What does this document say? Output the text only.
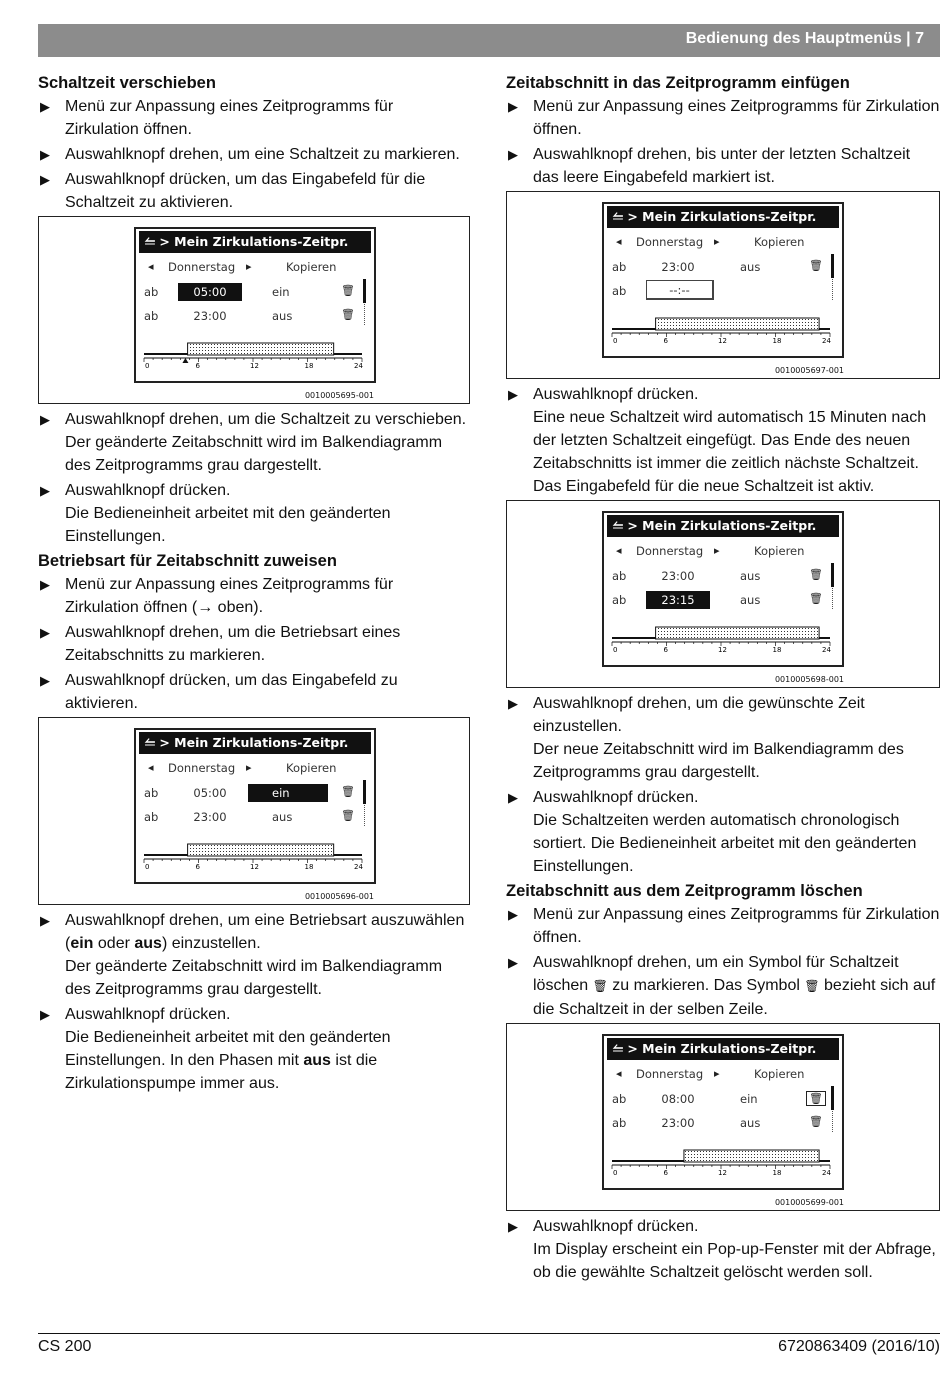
Bedienung des Hauptmenüs | 7
Schaltzeit verschieben
▶ Menü zur Anpassung eines Zeitprogramms für Zirkulation öffnen.

▶ Auswahlknopf drehen, um eine Schaltzeit zu markieren.

▶ Auswahlknopf drücken, um das Eingabefeld für die Schaltzeit zu aktivieren.

⥪ > Mein Zirkulations-Zeitpr.
◂ Donnerstag ▸	Kopieren
ab	05:00	ein	🗑
ab	23:00	aus	🗑
0	6	12	18	24
0010005695-001
▶ Auswahlknopf drehen, um die Schaltzeit zu verschieben.

Der geänderte Zeitabschnitt wird im Balkendiagramm des Zeitprogramms grau dargestellt.

▶ Auswahlknopf drücken.

Die Bedieneinheit arbeitet mit den geänderten Einstellungen.

Betriebsart für Zeitabschnitt zuweisen
▶ Menü zur Anpassung eines Zeitprogramms für Zirkulation öffnen (→ oben).

▶ Auswahlknopf drehen, um die Betriebsart eines Zeitabschnitts zu markieren.

▶ Auswahlknopf drücken, um das Eingabefeld zu aktivieren.

⥪ > Mein Zirkulations-Zeitpr.
◂ Donnerstag ▸	Kopieren
ab	05:00	ein	🗑
ab	23:00	aus	🗑
0	6	12	18	24
0010005696-001
▶ Auswahlknopf drehen, um eine Betriebsart auszuwählen (ein oder aus) einzustellen.

Der geänderte Zeitabschnitt wird im Balkendiagramm des Zeitprogramms grau dargestellt.

▶ Auswahlknopf drücken.

Die Bedieneinheit arbeitet mit den geänderten Einstellungen. In den Phasen mit aus ist die Zirkulationspumpe immer aus.

Zeitabschnitt in das Zeitprogramm einfügen
▶ Menü zur Anpassung eines Zeitprogramms für Zirkulation öffnen.

▶ Auswahlknopf drehen, bis unter der letzten Schaltzeit das leere Eingabefeld markiert ist.

⥪ > Mein Zirkulations-Zeitpr.
◂ Donnerstag ▸	Kopieren
ab	23:00	aus	🗑
ab	--:--
0	6	12	18	24
0010005697-001
▶ Auswahlknopf drücken.

Eine neue Schaltzeit wird automatisch 15 Minuten nach der letzten Schaltzeit eingefügt. Das Ende des neuen Zeitabschnitts ist immer die zeitlich nächste Schaltzeit. Das Eingabefeld für die neue Schaltzeit ist aktiv.

⥪ > Mein Zirkulations-Zeitpr.
◂ Donnerstag ▸	Kopieren
ab	23:00	aus	🗑
ab	23:15	aus	🗑
0	6	12	18	24
0010005698-001
▶ Auswahlknopf drehen, um die gewünschte Zeit einzustellen.

Der neue Zeitabschnitt wird im Balkendiagramm des Zeitprogramms grau dargestellt.

▶ Auswahlknopf drücken.

Die Schaltzeiten werden automatisch chronologisch sortiert. Die Bedieneinheit arbeitet mit den geänderten Einstellungen.

Zeitabschnitt aus dem Zeitprogramm löschen
▶ Menü zur Anpassung eines Zeitprogramms für Zirkulation öffnen.

▶ Auswahlknopf drehen, um ein Symbol für Schaltzeit löschen 🗑 zu markieren. Das Symbol 🗑 bezieht sich auf die Schaltzeit in der selben Zeile.

⥪ > Mein Zirkulations-Zeitpr.
◂ Donnerstag ▸	Kopieren
ab	08:00	ein	🗑
ab	23:00	aus	🗑
0	6	12	18	24
0010005699-001
▶ Auswahlknopf drücken.

Im Display erscheint ein Pop-up-Fenster mit der Abfrage, ob die gewählte Schaltzeit gelöscht werden soll.

CS 200	6720863409 (2016/10)
